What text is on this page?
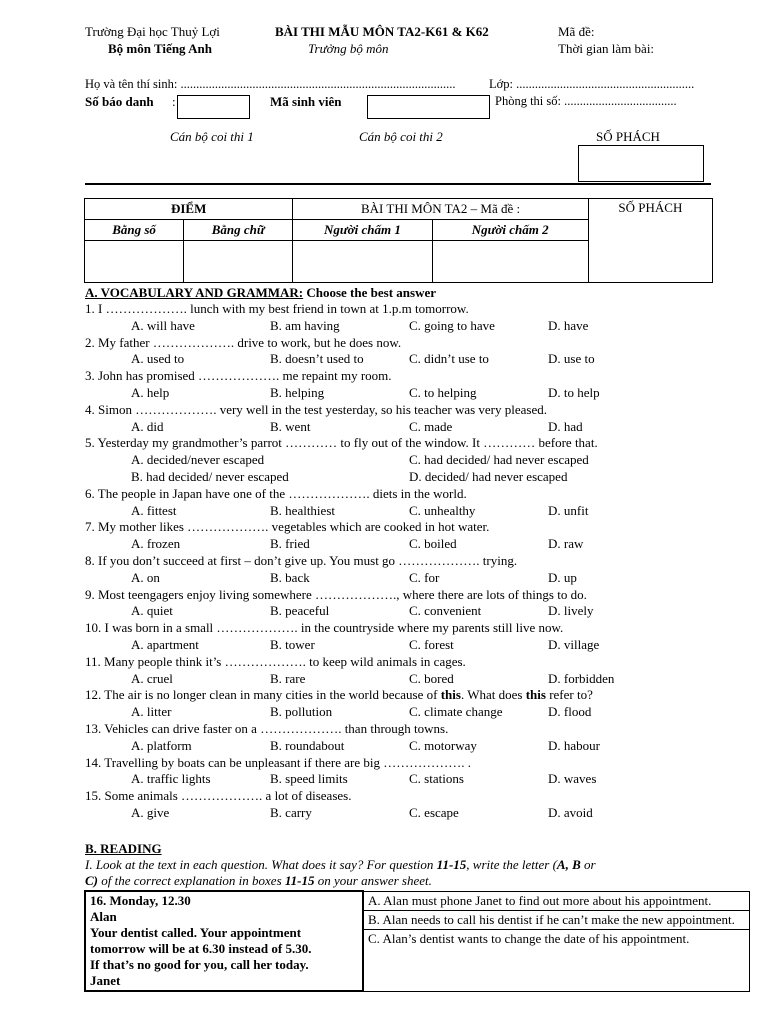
Trường Đại học Thuỷ Lợi
Bộ môn Tiếng Anh
BÀI THI MẪU MÔN TA2-K61 & K62
Trưởng bộ môn
Mã đề:
Thời gian làm bài:
Họ và tên thí sinh: ........................................................................................	Lớp: .........................................................
Số báo danh :	Mã sinh viên	Phòng thi số: ....................................
Cán bộ coi thi 1	Cán bộ coi thi 2	SỐ PHÁCH
ĐIỂM		BÀI THI MÔN TA2 – Mã đề :		SỐ PHÁCH
Bằng số	Bằng chữ	Người chấm 1	Người chấm 2	

A. VOCABULARY AND GRAMMAR: Choose the best answer
1. I ………………. lunch with my best friend in town at 1.p.m tomorrow.
A. will have	B. am having	C. going to have	D. have
2. My father ………………. drive to work, but he does now.
A. used to	B. doesn’t used to	C. didn’t use to	D. use to
3. John has promised ………………. me repaint my room.
A. help	B. helping	C. to helping	D. to help
4. Simon ………………. very well in the test yesterday, so his teacher was very pleased.
A. did	B. went	C. made	D. had
5. Yesterday my grandmother’s parrot ………… to fly out of the window. It ………… before that.
A. decided/never escaped	C. had decided/ had never escaped
B. had decided/ never escaped	D. decided/ had never escaped
6. The people in Japan have one of the ………………. diets in the world.
A. fittest	B. healthiest	C. unhealthy	D. unfit
7. My mother likes ………………. vegetables which are cooked in hot water.
A. frozen	B. fried	C. boiled	D. raw
8. If you don’t succeed at first – don’t give up. You must go ………………. trying.
A. on	B. back	C. for	D. up
9. Most teengagers enjoy living somewhere ………………., where there are lots of things to do.
A. quiet	B. peaceful	C. convenient	D. lively
10. I was born in a small ………………. in the countryside where my parents still live now.
A. apartment	B. tower	C. forest	D. village
11. Many people think it’s ………………. to keep wild animals in cages.
A. cruel	B. rare	C. bored	D. forbidden
12. The air is no longer clean in many cities in the world because of this. What does this refer to?
A. litter	B. pollution	C. climate change	D. flood
13. Vehicles can drive faster on a ………………. than through towns.
A. platform	B. roundabout	C. motorway	D. habour
14. Travelling by boats can be unpleasant if there are big ………………. .
A. traffic lights	B. speed limits	C. stations	D. waves
15. Some animals ………………. a lot of diseases.
A. give	B. carry	C. escape	D. avoid
B. READING
I. Look at the text in each question. What does it say? For question 11-15, write the letter (A, B or
C) of the correct explanation in boxes 11-15 on your answer sheet.
16. Monday, 12.30
Alan
Your dentist called. Your appointment
tomorrow will be at 6.30 instead of 5.30.
If that’s no good for you, call her today.
Janet

A. Alan must phone Janet to find out more about his appointment.
B. Alan needs to call his dentist if he can’t make the new appointment.
C. Alan’s dentist wants to change the date of his appointment.
